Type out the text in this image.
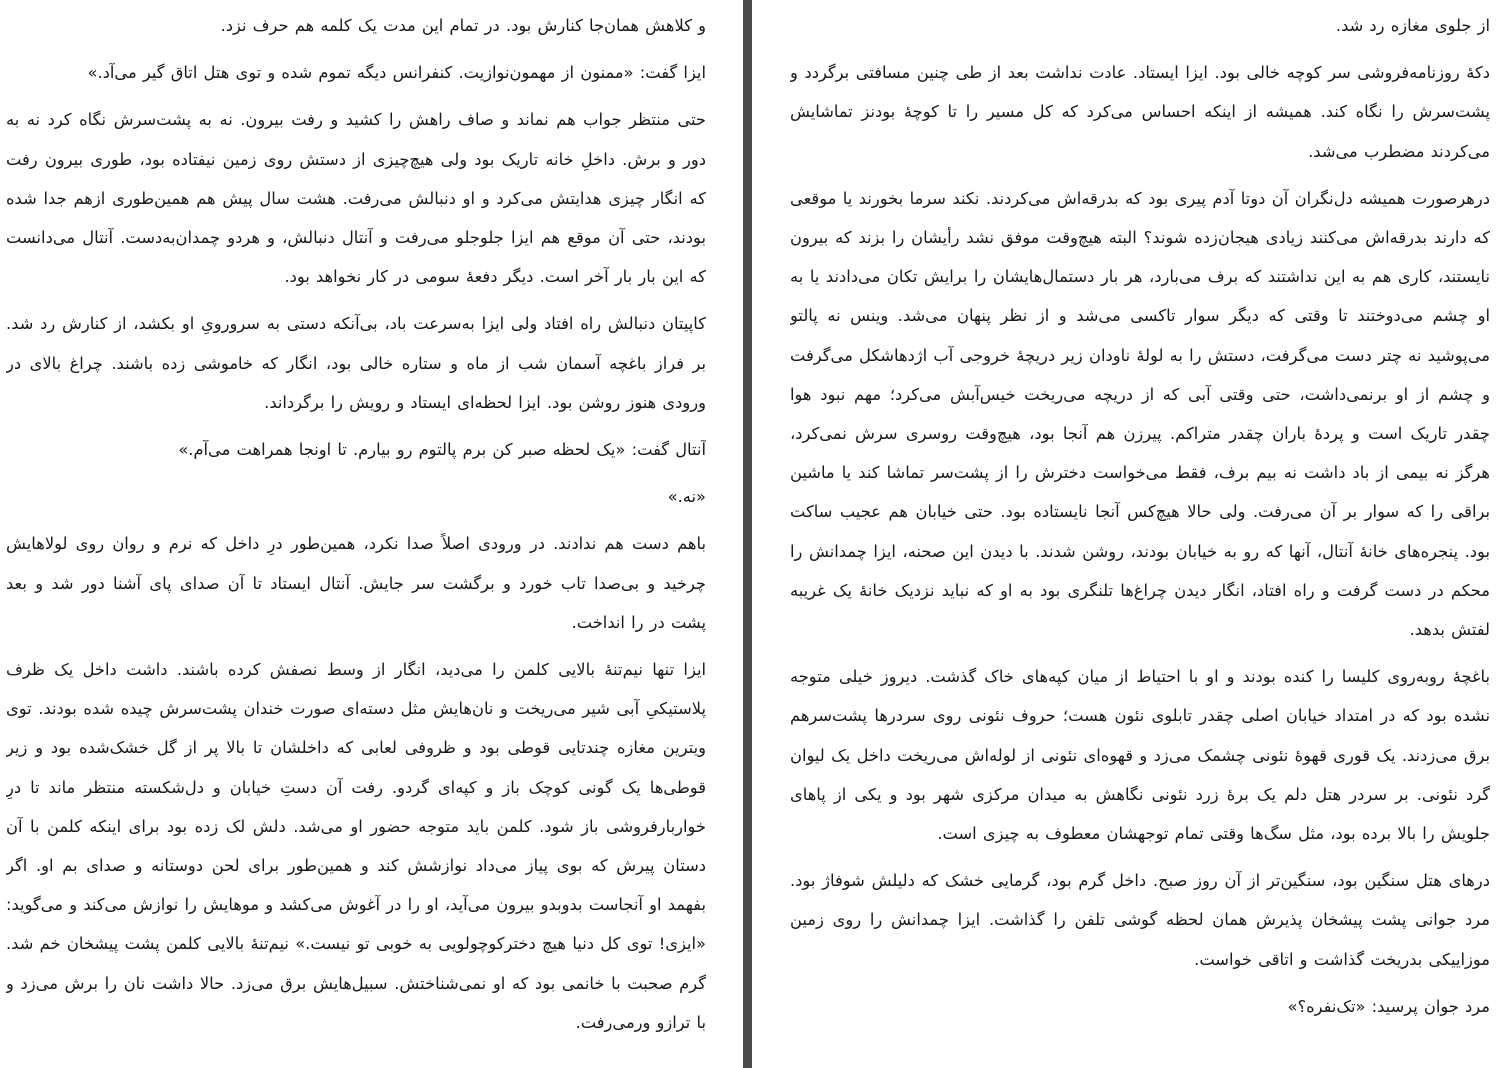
و کلاهش همان‌جا کنارش بود. در تمام این مدت یک کلمه هم حرف نزد.

ایزا گفت: «ممنون از مهمون‌نوازیت. کنفرانس دیگه تموم شده و توی هتل اتاق گیر می‌آد.»

حتی منتظر جواب هم نماند و صاف راهش را کشید و رفت بیرون. نه به پشت‌سرش نگاه کرد نه به دور و بر‌ش. داخلِ خانه تاریک بود ولی هیچ‌چیزی از دستش روی زمین نیفتاده بود، طوری بیرون رفت که انگار چیزی هدایتش می‌کرد و او دنبالش می‌رفت. هشت سال پیش هم همین‌طوری ازهم جدا شده بودند، حتی آن موقع هم ایزا جلوجلو می‌رفت و آنتال دنبالش، و هردو چمدان‌به‌دست. آنتال می‌دانست که این بار بار آخر است. دیگر دفعهٔ سومی در کار نخواهد بود.

کاپیتان دنبالش راه افتاد ولی ایزا به‌سرعت باد، بی‌آنکه دستی به سرورویِ او بکشد، از کنارش رد شد. بر فراز باغچه آسمان شب از ماه و ستاره خالی بود، انگار که خاموشی زده باشند. چراغ بالای در ورودی هنوز روشن بود. ایزا لحظه‌ای ایستاد و رویش را برگرداند.

آنتال گفت: «یک لحظه صبر کن برم پالتوم رو بیارم. تا اونجا همراهت می‌آم.»

«نه.»

باهم دست هم ندادند. در ورودی اصلاً صدا نکرد، همین‌طور درِ داخل که نرم و روان روی لولاهایش چرخید و بی‌صدا تاب خورد و برگشت سر جایش. آنتال ایستاد تا آن صدای پای آشنا دور شد و بعد پشت در را انداخت.

ایزا تنها نیم‌تنهٔ بالایی کلمن را می‌دید، انگار از وسط نصفش کرده باشند. داشت داخل یک ظرف پلاستیکیِ آبی شیر می‌ریخت و نان‌هایش مثل دسته‌ای صورت خندان پشت‌سرش چیده شده بودند. توی ویترین مغازه چندتایی قوطی بود و ظروفی لعابی که داخلشان تا بالا پر از گل خشک‌شده بود و زیر قوطی‌ها یک گونی کوچک باز و کپه‌ای گردو. رفت آن دستِ خیابان و دل‌شکسته منتظر ماند تا درِ خواربارفروشی باز شود. کلمن باید متوجه حضور او می‌شد. دلش لک زده بود برای اینکه کلمن با آن دستان پیرش که بوی پیاز می‌داد نوازشش کند و همین‌طور برای لحن دوستانه و صدای بم او. اگر بفهمد او آنجاست بدوبدو بیرون می‌آید، او را در آغوش می‌کشد و موهایش را نوازش می‌کند و می‌گوید: «ایزی! توی کل دنیا هیچ دخترکوچولویی به خوبی تو نیست.» نیم‌تنهٔ بالایی کلمن پشت پیشخان خم شد. گرم صحبت با خانمی بود که او نمی‌شناختش. سبیل‌هایش برق می‌زد. حالا داشت نان را برش می‌زد و با ترازو ورمی‌رفت.

از جلوی مغازه رد شد.

دکهٔ روزنامه‌فروشی سر کوچه خالی بود. ایزا ایستاد. عادت نداشت بعد از طی چنین مسافتی برگردد و پشت‌سرش را نگاه کند. همیشه از اینکه احساس می‌کرد که کل مسیر را تا کوچهٔ بودنز تماشایش می‌کردند مضطرب می‌شد.

درهرصورت همیشه دل‌نگران آن دوتا آدم پیری بود که بدرقه‌اش می‌کردند. نکند سرما بخورند یا موقعی که دارند بدرقه‌اش می‌کنند زیادی هیجان‌زده شوند؟ البته هیچ‌وقت موفق نشد رأیشان را بزند که بیرون نایستند، کاری هم به این نداشتند که برف می‌بارد، هر بار دستمال‌هایشان را برایش تکان می‌دادند یا به او چشم می‌دوختند تا وقتی که دیگر سوار تاکسی می‌شد و از نظر پنهان می‌شد. وینس نه پالتو می‌پوشید نه چتر دست می‌گرفت، دستش را به لولهٔ ناودان زیر دریچهٔ خروجی آب اژدهاشکل می‌گرفت و چشم از او برنمی‌داشت، حتی وقتی آبی که از دریچه می‌ریخت خیس‌آبش می‌کرد؛ مهم نبود هوا چقدر تاریک است و پردهٔ باران چقدر متراکم. پیرزن هم آنجا بود، هیچ‌وقت روسری سرش نمی‌کرد، هرگز نه بیمی از باد داشت نه بیم برف، فقط می‌خواست دخترش را از پشت‌سر تماشا کند یا ماشین براقی را که سوار بر آن می‌رفت. ولی حالا هیچ‌کس آنجا نایستاده بود. حتی خیابان هم عجیب ساکت بود. پنجره‌های خانهٔ آنتال، آنها که رو به خیابان بودند، روشن شدند. با دیدن این صحنه، ایزا چمدانش را محکم در دست گرفت و راه افتاد، انگار دیدن چراغ‌ها تلنگری بود به او که نباید نزدیک خانهٔ یک غریبه لفتش بدهد.

باغچهٔ روبه‌روی کلیسا را کنده بودند و او با احتیاط از میان کپه‌های خاک گذشت. دیروز خیلی متوجه نشده بود که در امتداد خیابان اصلی چقدر تابلوی نئون هست؛ حروف نئونی روی سردرها پشت‌سرهم برق می‌زدند. یک قوری قهوهٔ نئونی چشمک می‌زد و قهوه‌ای نئونی از لوله‌اش می‌ریخت داخل یک لیوان گرد نئونی. بر سردر هتل دلم یک برهٔ زرد نئونی نگاهش به میدان مرکزی شهر بود و یکی از پاهای جلویش را بالا برده بود، مثل سگ‌ها وقتی تمام توجهشان معطوف به چیزی است.

درهای هتل سنگین بود، سنگین‌تر از آن روز صبح. داخل گرم بود، گرمایی خشک که دلیلش شوفاژ بود. مرد جوانی پشت پیشخان پذیرش همان لحظه گوشی تلفن را گذاشت. ایزا چمدانش را روی زمین موزاییکی بدریخت گذاشت و اتاقی خواست.

مرد جوان پرسید: «تک‌نفره؟»
